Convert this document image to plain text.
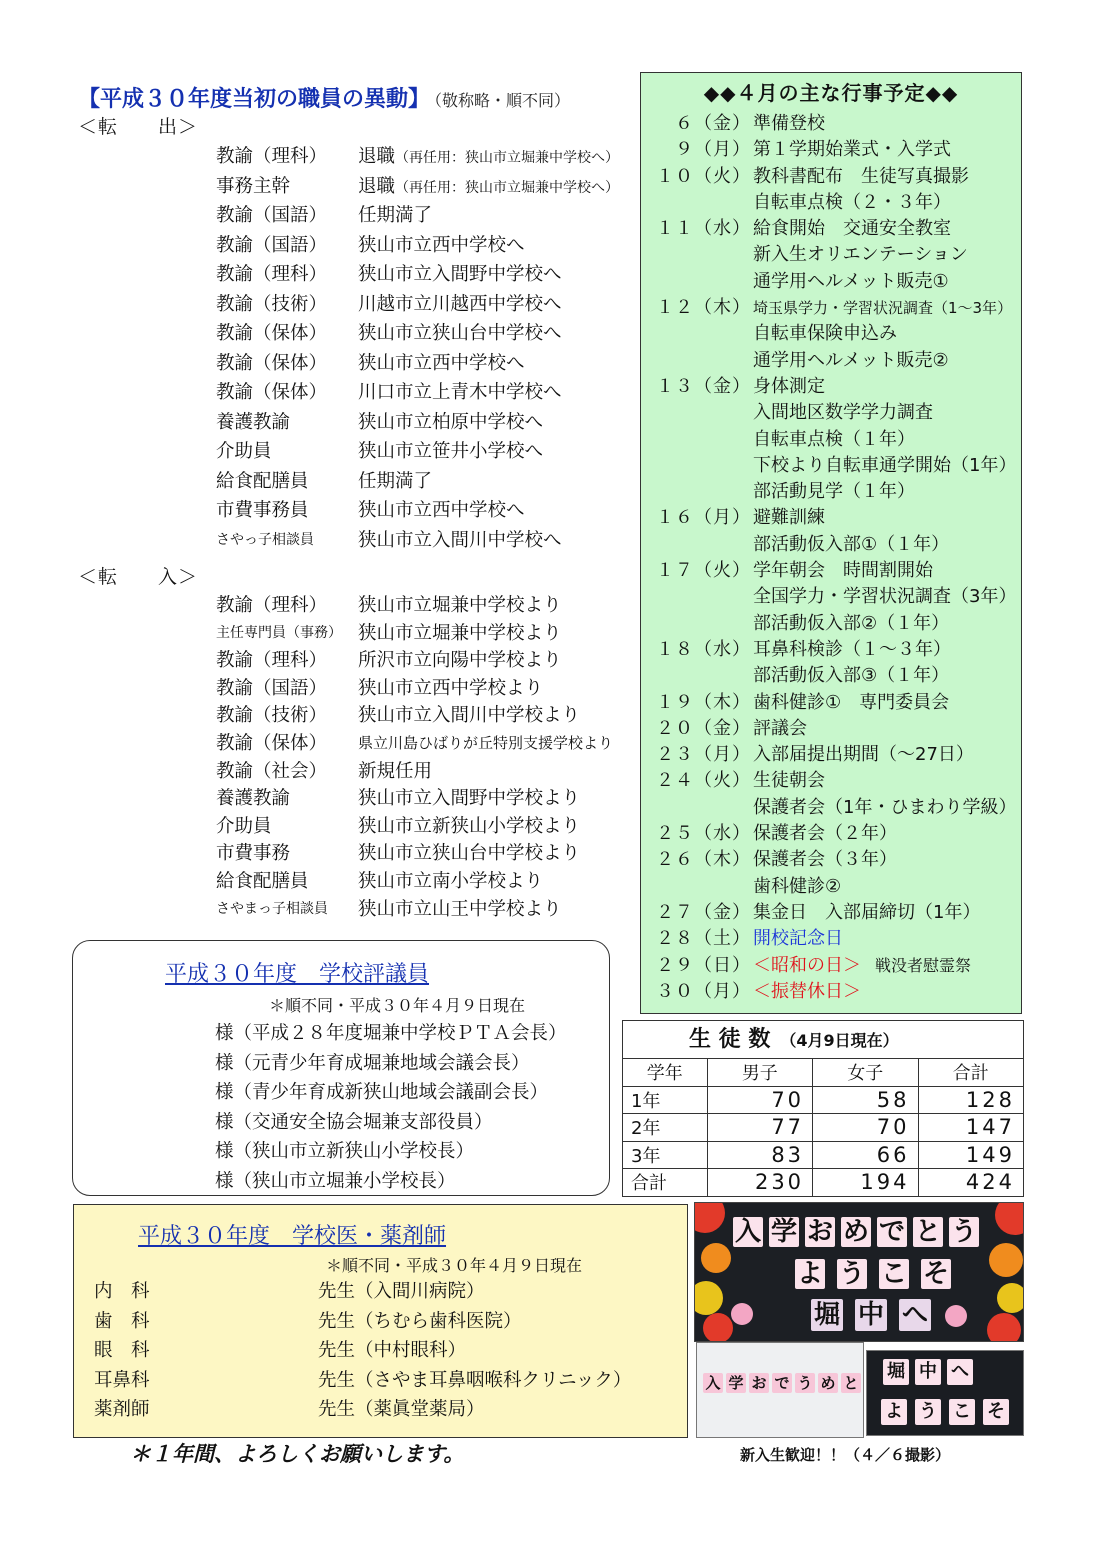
【平成３０年度当初の職員の異動】 （敬称略・順不同）
＜転　　出＞
教諭（理科）	退職（再任用：狭山市立堀兼中学校へ）
事務主幹	退職（再任用：狭山市立堀兼中学校へ）
教諭（国語）	任期満了
教諭（国語）	狭山市立西中学校へ
教諭（理科）	狭山市立入間野中学校へ
教諭（技術）	川越市立川越西中学校へ
教諭（保体）	狭山市立狭山台中学校へ
教諭（保体）	狭山市立西中学校へ
教諭（保体）	川口市立上青木中学校へ
養護教諭	狭山市立柏原中学校へ
介助員	狭山市立笹井小学校へ
給食配膳員	任期満了
市費事務員	狭山市立西中学校へ
さやっ子相談員	狭山市立入間川中学校へ
＜転　　入＞
教諭（理科）	狭山市立堀兼中学校より
主任専門員（事務） 狭山市立堀兼中学校より
教諭（理科）	所沢市立向陽中学校より
教諭（国語）	狭山市立西中学校より
教諭（技術）	狭山市立入間川中学校より
教諭（保体）	県立川島ひばりが丘特別支援学校より
教諭（社会）	新規任用
養護教諭	狭山市立入間野中学校より
介助員	狭山市立新狭山小学校より
市費事務	狭山市立狭山台中学校より
給食配膳員	狭山市立南小学校より
さやまっ子相談員	狭山市立山王中学校より
◆◆４月の主な行事予定◆◆
６（金） 準備登校
９（月） 第１学期始業式・入学式
１０（火） 教科書配布　生徒写真撮影
自転車点検（２・３年）
１１（水） 給食開始　交通安全教室
新入生オリエンテーション
通学用ヘルメット販売①
１２（木） 埼玉県学力・学習状況調査（1～3年）
自転車保険申込み
通学用ヘルメット販売②
１３（金） 身体測定
入間地区数学学力調査
自転車点検（１年）
下校より自転車通学開始（1年）
部活動見学（１年）
１６（月） 避難訓練
部活動仮入部①（１年）
１７（火） 学年朝会　時間割開始
全国学力・学習状況調査（3年）
部活動仮入部②（１年）
１８（水） 耳鼻科検診（１～３年）
部活動仮入部③（１年）
１９（木） 歯科健診①　専門委員会
２０（金） 評議会
２３（月） 入部届提出期間（～27日）
２４（火） 生徒朝会
保護者会（1年・ひまわり学級）
２５（水） 保護者会（２年）
２６（木） 保護者会（３年）
歯科健診②
２７（金） 集金日　入部届締切（1年）
２８（土） 開校記念日
２９（日） ＜昭和の日＞ 戦没者慰霊祭
３０（月） ＜振替休日＞
生 徒 数 （4月9日現在）
学年	男子	女子	合計
1年	70	58	128
2年	77	70	147
3年	83	66	149
合計	230	194	424
平成３０年度　学校評議員
＊順不同・平成３０年４月９日現在
様（平成２８年度堀兼中学校ＰＴＡ会長）
様（元青少年育成堀兼地域会議会長）
様（青少年育成新狭山地域会議副会長）
様（交通安全協会堀兼支部役員）
様（狭山市立新狭山小学校長）
様（狭山市立堀兼小学校長）
平成３０年度　学校医・薬剤師
＊順不同・平成３０年４月９日現在
内　科	先生（入間川病院）
歯　科	先生（ちむら歯科医院）
眼　科	先生（中村眼科）
耳鼻科	先生（さやま耳鼻咽喉科クリニック）
薬剤師	先生（薬眞堂薬局）
＊１年間、よろしくお願いします。
入 学 お め で と う
よ う こ そ
堀 中 へ
入 学 お で う め と
堀 中 へ
よ う こ そ
新入生歓迎！！（４／６撮影）
